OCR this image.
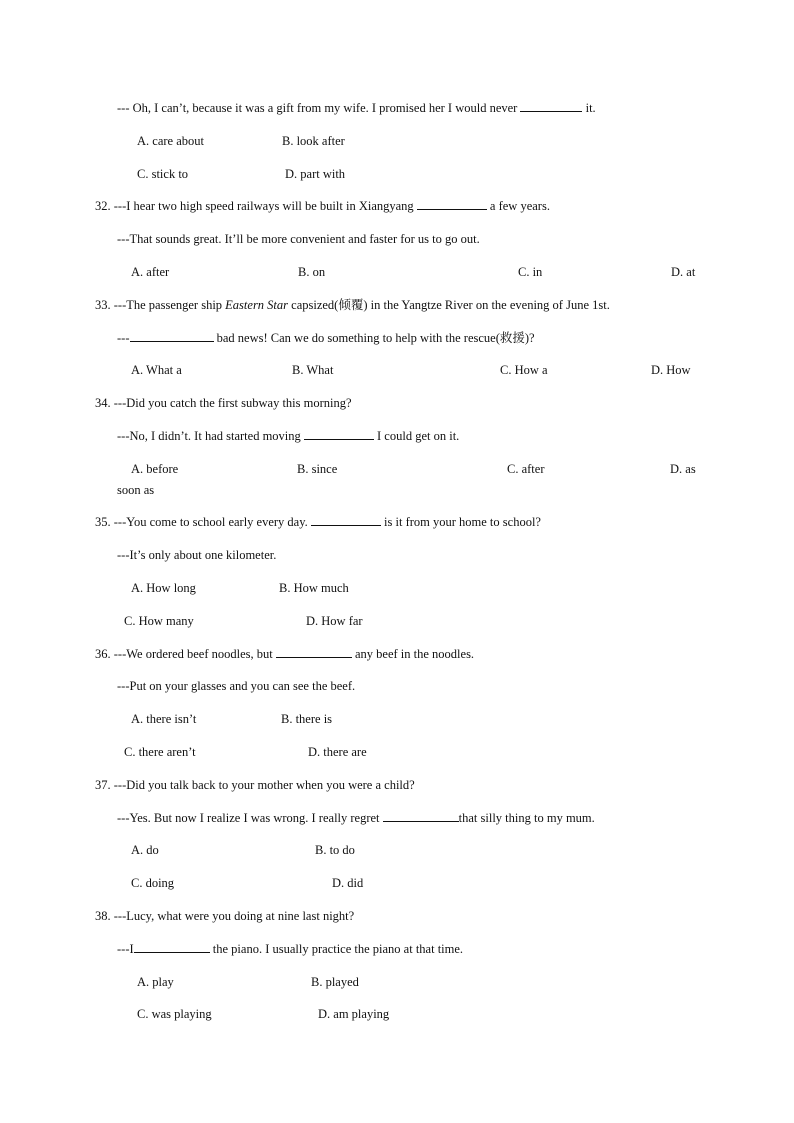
--- Oh, I can’t, because it was a gift from my wife. I promised her I would never	it.
A. care about	B. look after
C. stick to	D. part with
32. ---I hear two high speed railways will be built in Xiangyang	a few years.
---That sounds great. It’ll be more convenient and faster for us to go out.
A. after	B. on	C. in	D. at
33. ---The passenger ship Eastern Star capsized(倾覆) in the Yangtze River on the evening of June 1st.
---	bad news! Can we do something to help with the rescue(救援)?
A. What a	B. What	C. How a	D. How
34. ---Did you catch the first subway this morning?
---No, I didn’t. It had started moving	I could get on it.
A. before	B. since	C. after	D. as
soon as
35. ---You come to school early every day.	is it from your home to school?
---It’s only about one kilometer.
A. How long	B. How much
C. How many	D. How far
36. ---We ordered beef noodles, but	any beef in the noodles.
---Put on your glasses and you can see the beef.
A. there isn’t	B. there is
C. there aren’t	D. there are
37. ---Did you talk back to your mother when you were a child?
---Yes. But now I realize I was wrong. I really regret	that silly thing to my mum.
A. do	B. to do
C. doing	D. did
38. ---Lucy, what were you doing at nine last night?
---I	the piano. I usually practice the piano at that time.
A. play	B. played
C. was playing	D. am playing
